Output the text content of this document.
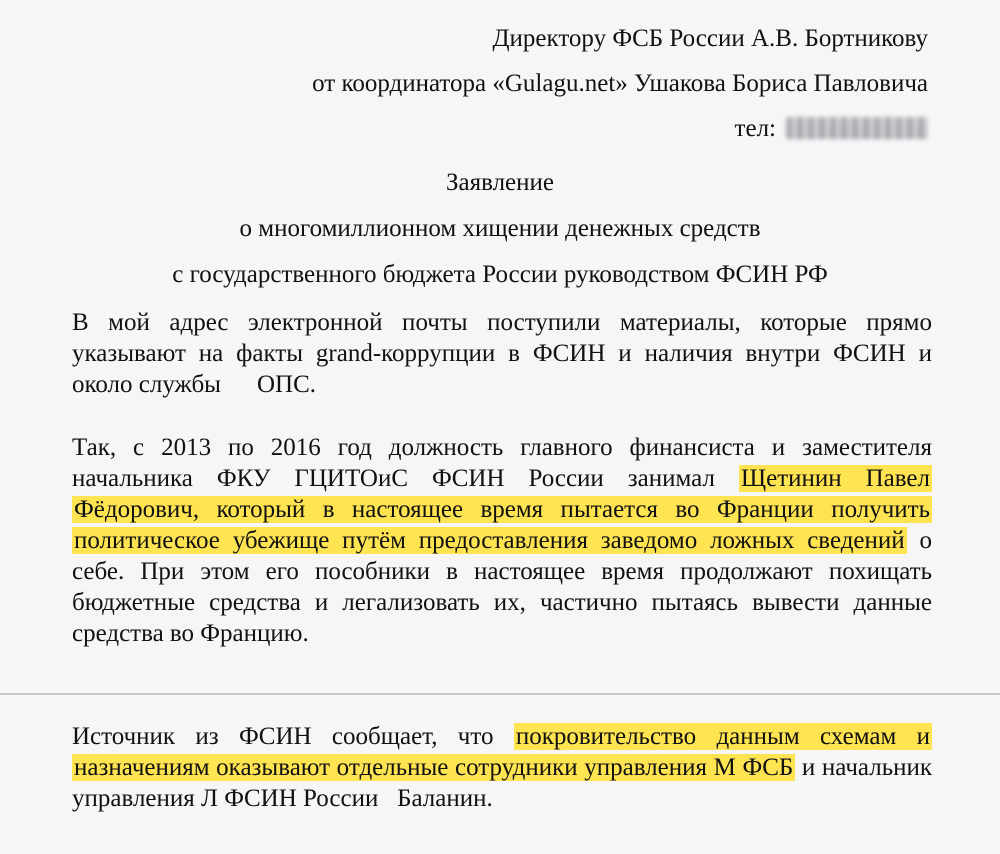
Директору ФСБ России А.В. Бортникову
от координатора «Gulagu.net» Ушакова Бориса Павловича
тел:
Заявление
о многомиллионном хищении денежных средств
с государственного бюджета России руководством ФСИН РФ
В мой адрес электронной почты поступили материалы, которые прямо указывают на факты grand-коррупции в ФСИН и наличия внутри ФСИН и около службы ОПС.
Так, с 2013 по 2016 год должность главного финансиста и заместителя начальника ФКУ ГЦИТОиС ФСИН России занимал Щетинин Павел Фёдорович, который в настоящее время пытается во Франции получить политическое убежище путём предоставления заведомо ложных сведений о себе. При этом его пособники в настоящее время продолжают похищать бюджетные средства и легализовать их, частично пытаясь вывести данные средства во Францию.
Источник из ФСИН сообщает, что покровительство данным схемам и назначениям оказывают отдельные сотрудники управления М ФСБ и начальник управления Л ФСИН России Баланин.
